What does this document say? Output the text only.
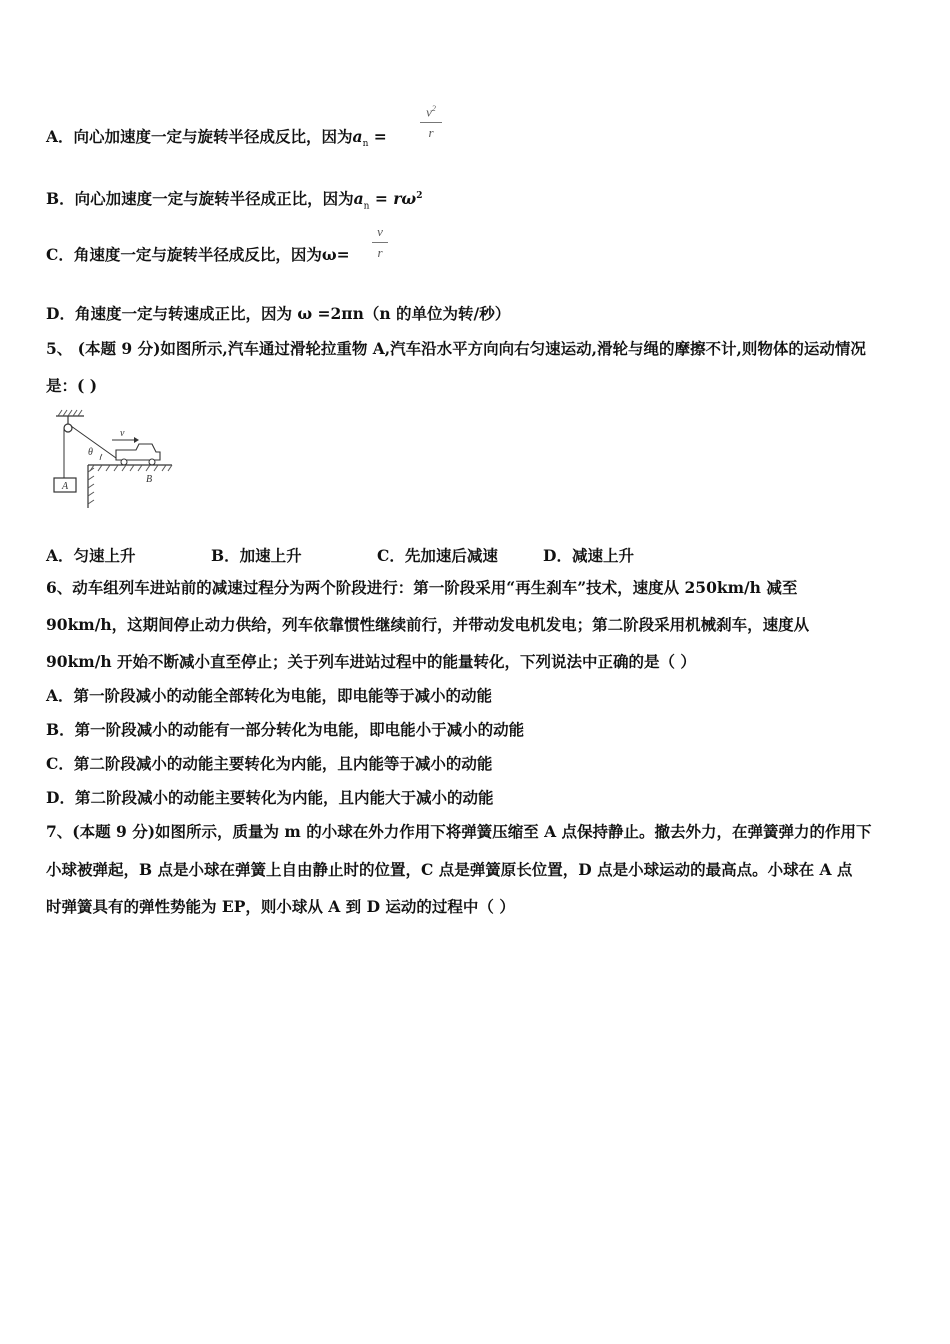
A．向心加速度一定与旋转半径成反比，因为$a_n$ =
$v^2$
r
B．向心加速度一定与旋转半径成正比，因为$a_n = r\omega^2$
C．角速度一定与旋转半径成反比，因为ω=
v
r
D．角速度一定与转速成正比，因为 ω =2πn（n 的单位为转/秒）
5、 (本题 9 分)如图所示,汽车通过滑轮拉重物 A,汽车沿水平方向向右匀速运动,滑轮与绳的摩擦不计,则物体的运动情况
是：( )
A
θ
v
B
A．匀速上升	B．加速上升	C．先加速后减速	D．减速上升
6、动车组列车进站前的减速过程分为两个阶段进行：第一阶段采用“再生刹车”技术，速度从 250km/h 减至
90km/h，这期间停止动力供给，列车依靠惯性继续前行，并带动发电机发电；第二阶段采用机械刹车，速度从
90km/h 开始不断减小直至停止；关于列车进站过程中的能量转化，下列说法中正确的是（ ）
A．第一阶段减小的动能全部转化为电能，即电能等于减小的动能
B．第一阶段减小的动能有一部分转化为电能，即电能小于减小的动能
C．第二阶段减小的动能主要转化为内能，且内能等于减小的动能
D．第二阶段减小的动能主要转化为内能，且内能大于减小的动能
7、(本题 9 分)如图所示，质量为 m 的小球在外力作用下将弹簧压缩至 A 点保持静止。撤去外力，在弹簧弹力的作用下
小球被弹起，B 点是小球在弹簧上自由静止时的位置，C 点是弹簧原长位置，D 点是小球运动的最高点。小球在 A 点
时弹簧具有的弹性势能为 EP，则小球从 A 到 D 运动的过程中（ ）
